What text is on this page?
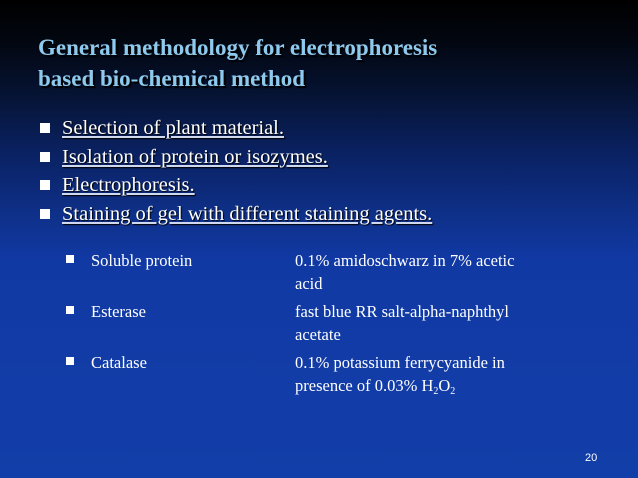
General methodology for electrophoresis
based bio-chemical method
Selection of plant material.
Isolation of protein or isozymes.
Electrophoresis.
Staining of gel with different staining agents.
Soluble protein	0.1% amidoschwarz in 7% acetic
acid
Esterase	fast blue RR salt-alpha-naphthyl
acetate
Catalase	0.1% potassium ferrycyanide in
presence of 0.03% $H_2O_2$
20
